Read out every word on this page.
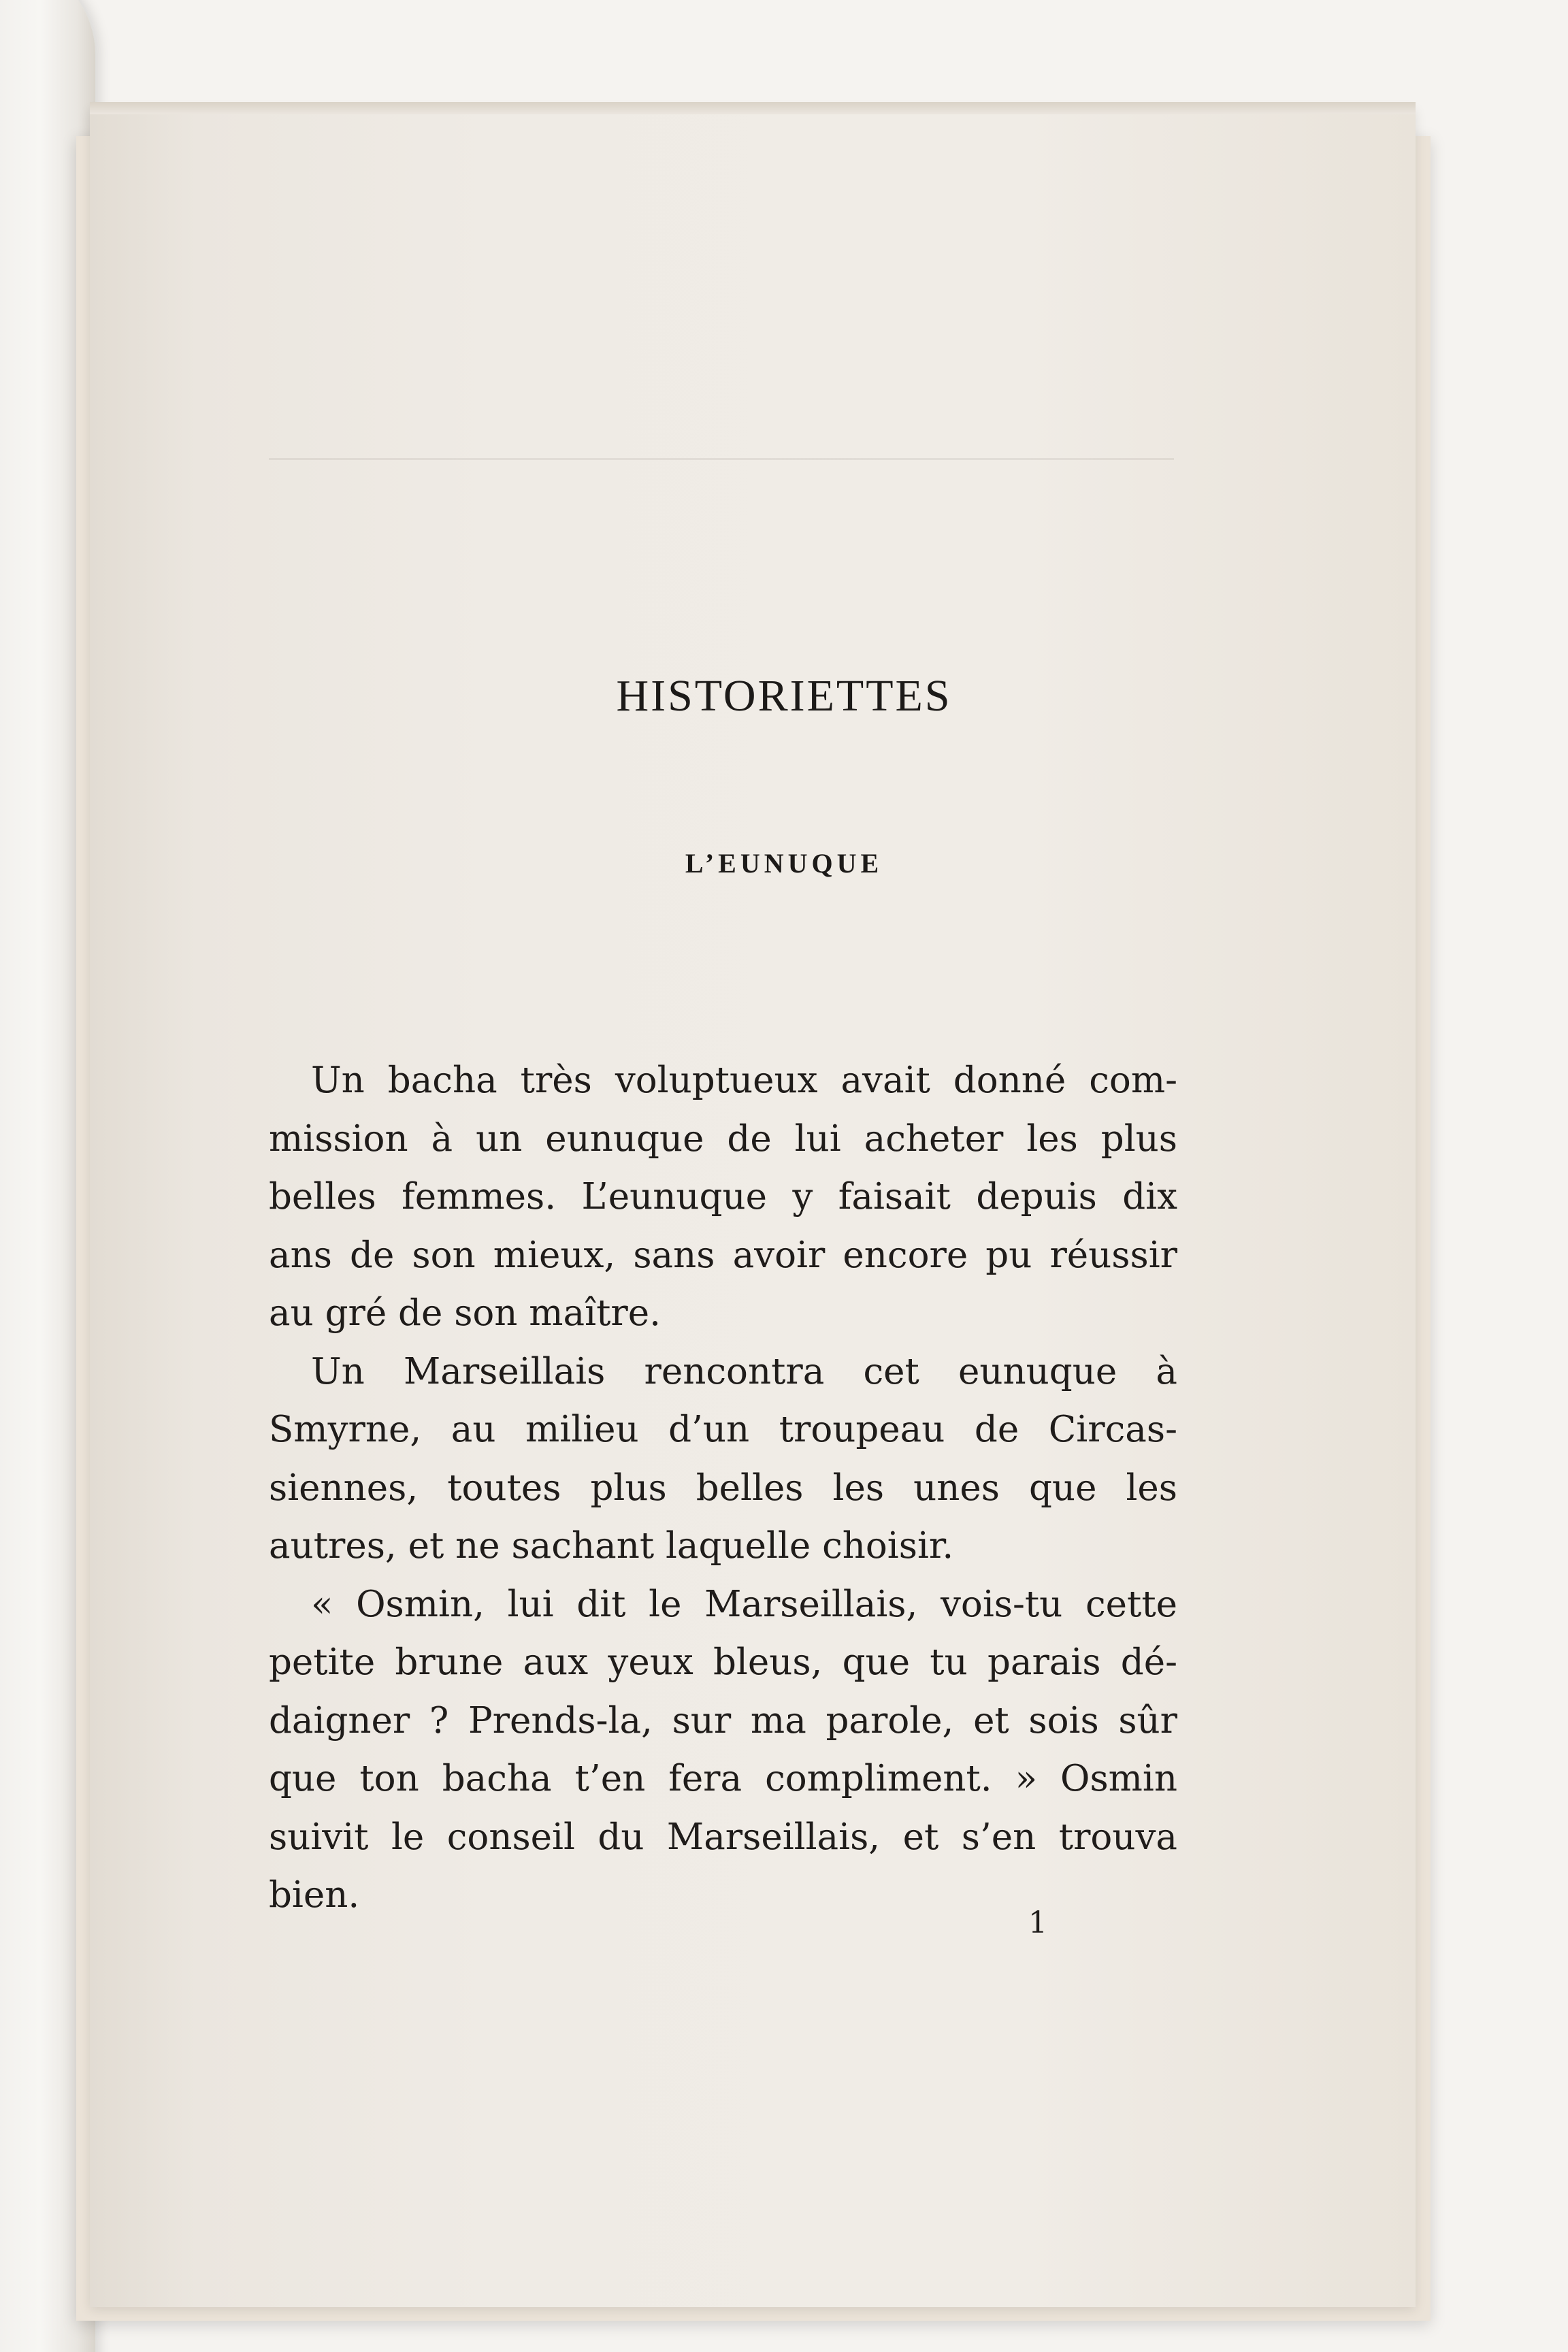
HISTORIETTES
L’EUNUQUE
Un bacha très voluptueux avait donné com-
mission à un eunuque de lui acheter les plus
belles femmes. L’eunuque y faisait depuis dix
ans de son mieux, sans avoir encore pu réussir
au gré de son maître.
Un Marseillais rencontra cet eunuque à
Smyrne, au milieu d’un troupeau de Circas-
siennes, toutes plus belles les unes que les
autres, et ne sachant laquelle choisir.
« Osmin, lui dit le Marseillais, vois-tu cette
petite brune aux yeux bleus, que tu parais dé-
daigner ? Prends-la, sur ma parole, et sois sûr
que ton bacha t’en fera compliment. » Osmin
suivit le conseil du Marseillais, et s’en trouva
bien.
1
